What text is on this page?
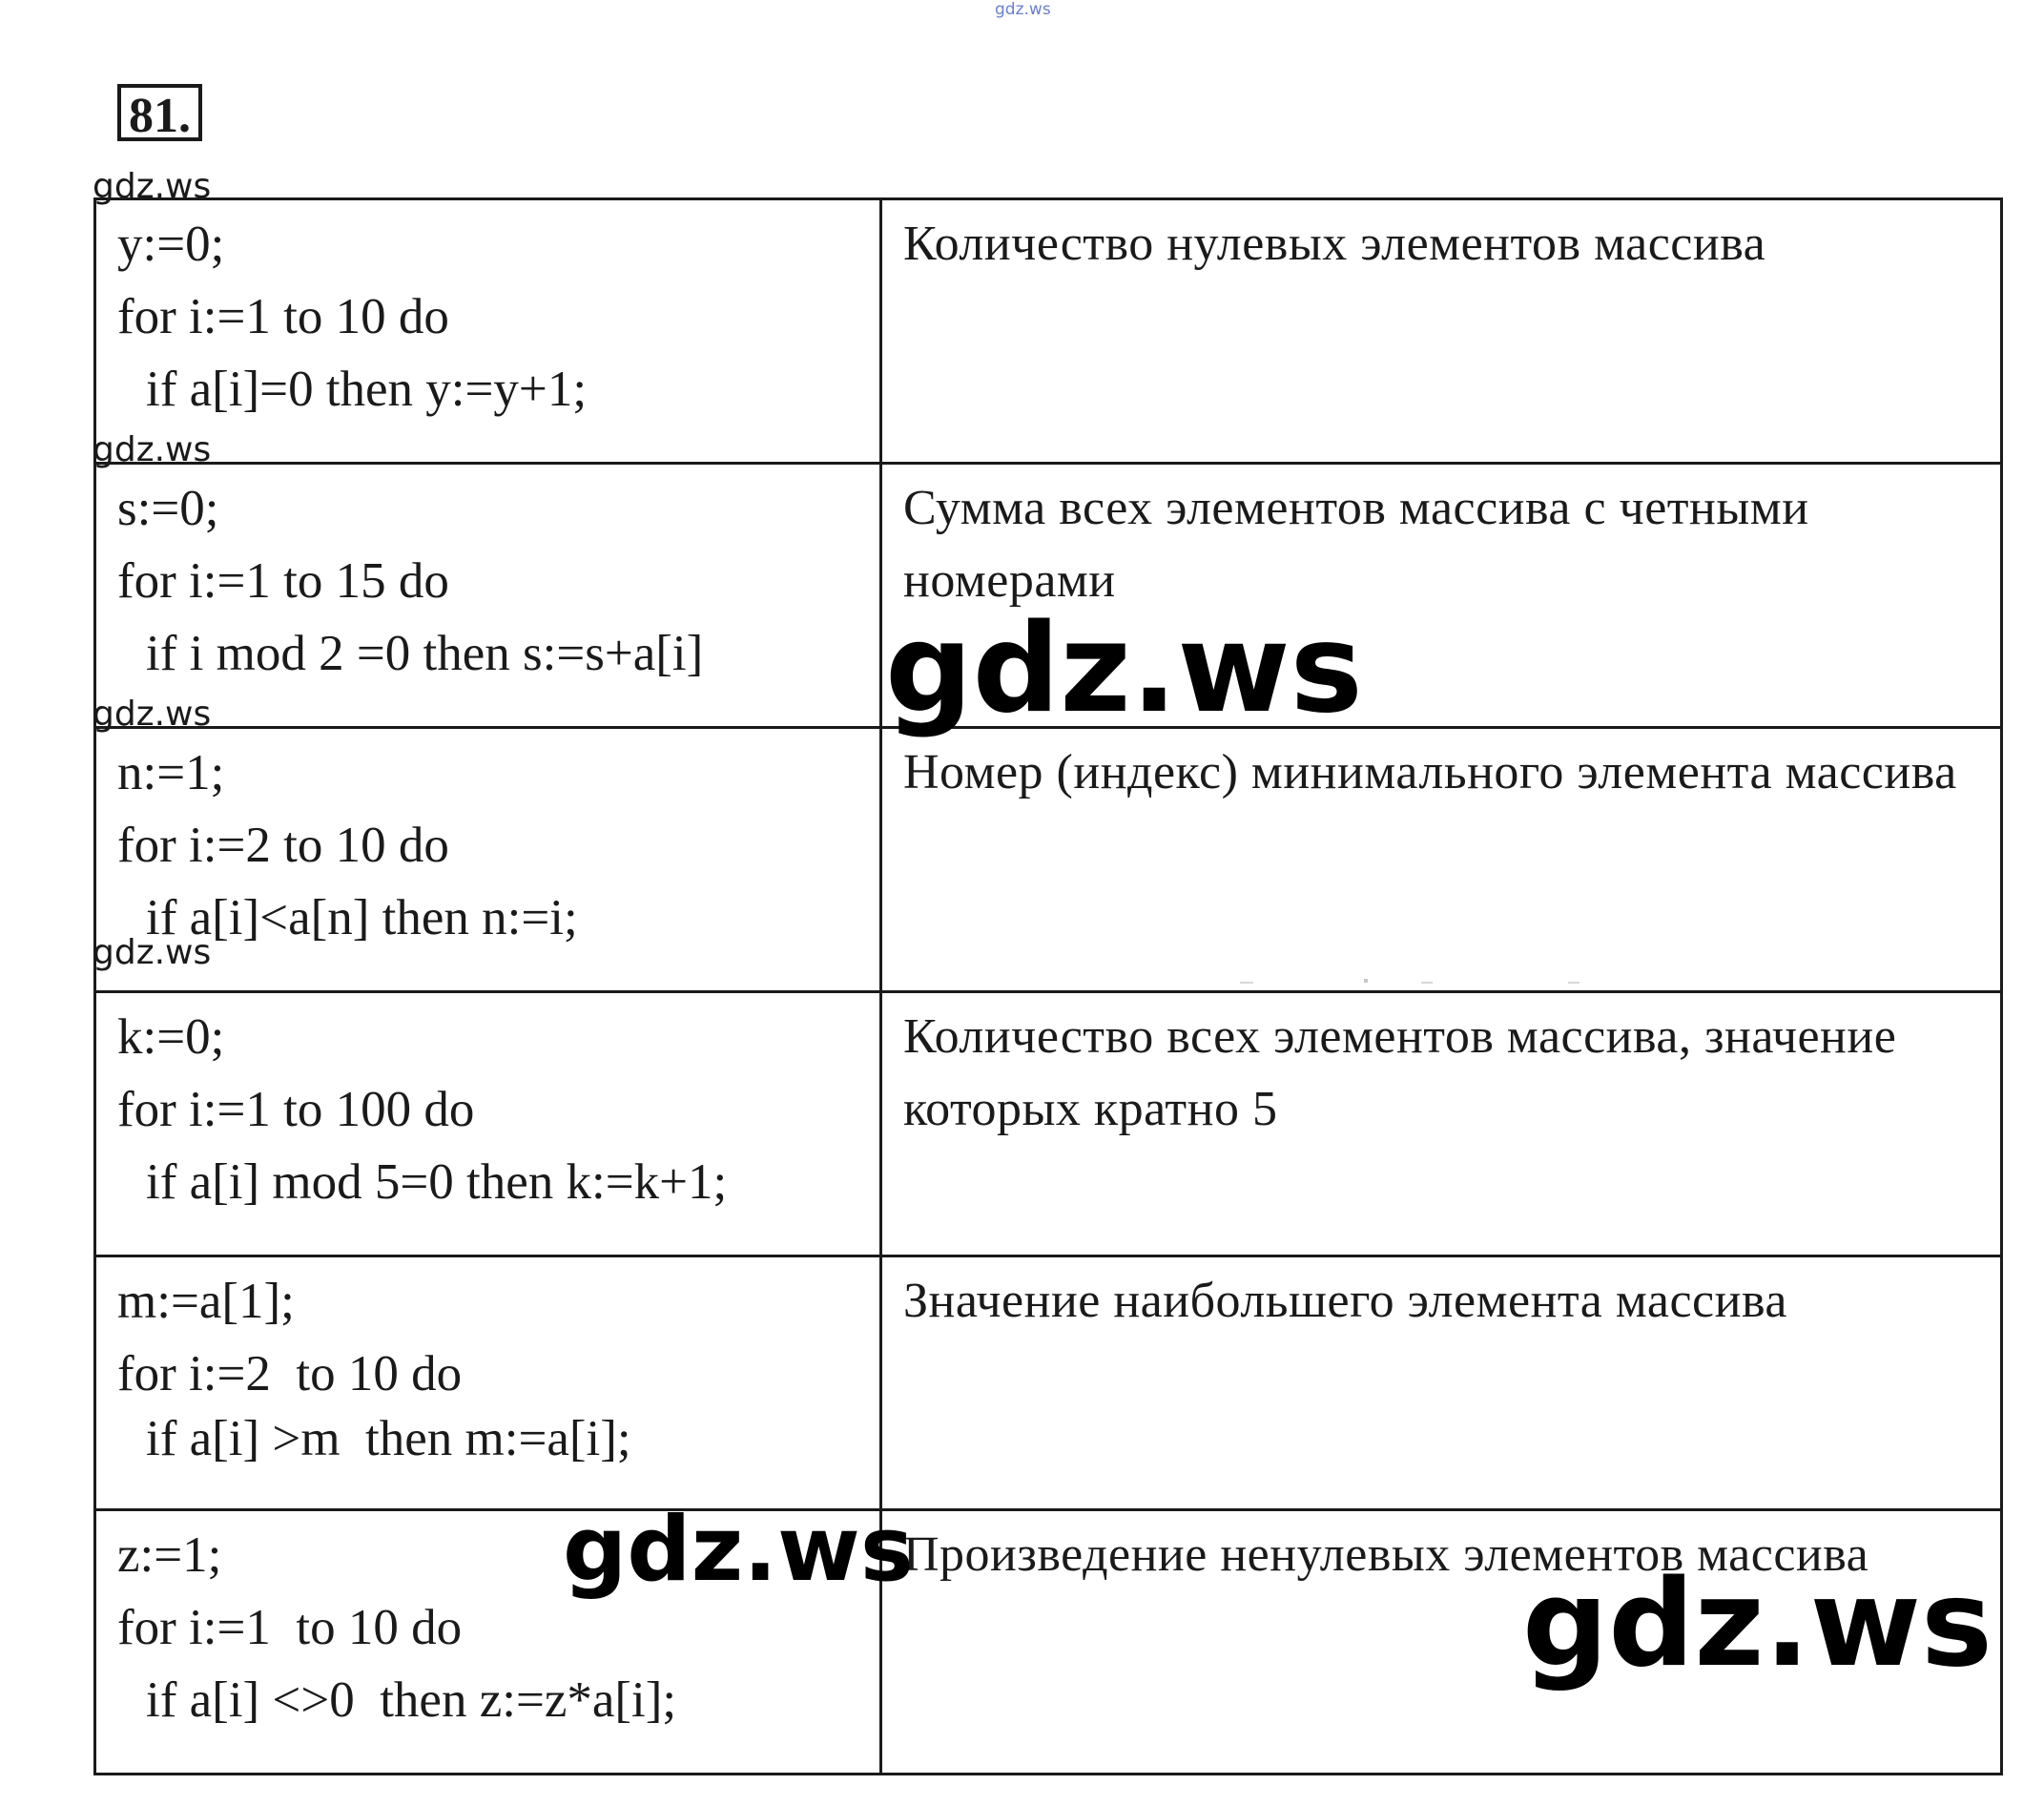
gdz.ws
81.
y:=0;
for i:=1 to 10 do
if a[i]=0 then y:=y+1;	Количество нулевых элементов массива

s:=0;
for i:=1 to 15 do
if i mod 2 =0 then s:=s+a[i]	Сумма всех элементов массива с четными номерами

n:=1;
for i:=2 to 10 do
if a[i]<a[n] then n:=i;	Номер (индекс) минимального элемента массива

k:=0;
for i:=1 to 100 do
if a[i] mod 5=0 then k:=k+1;	Количество всех элементов массива, значение которых кратно 5

m:=a[1];
for i:=2  to 10 do
if a[i] >m  then m:=a[i];	Значение наибольшего элемента массива

z:=1;
for i:=1  to 10 do
if a[i] <>0  then z:=z*a[i];	Произведение ненулевых элементов массива
gdz.ws
gdz.ws
gdz.ws
gdz.ws
gdz.ws
gdz.ws
gdz.ws
